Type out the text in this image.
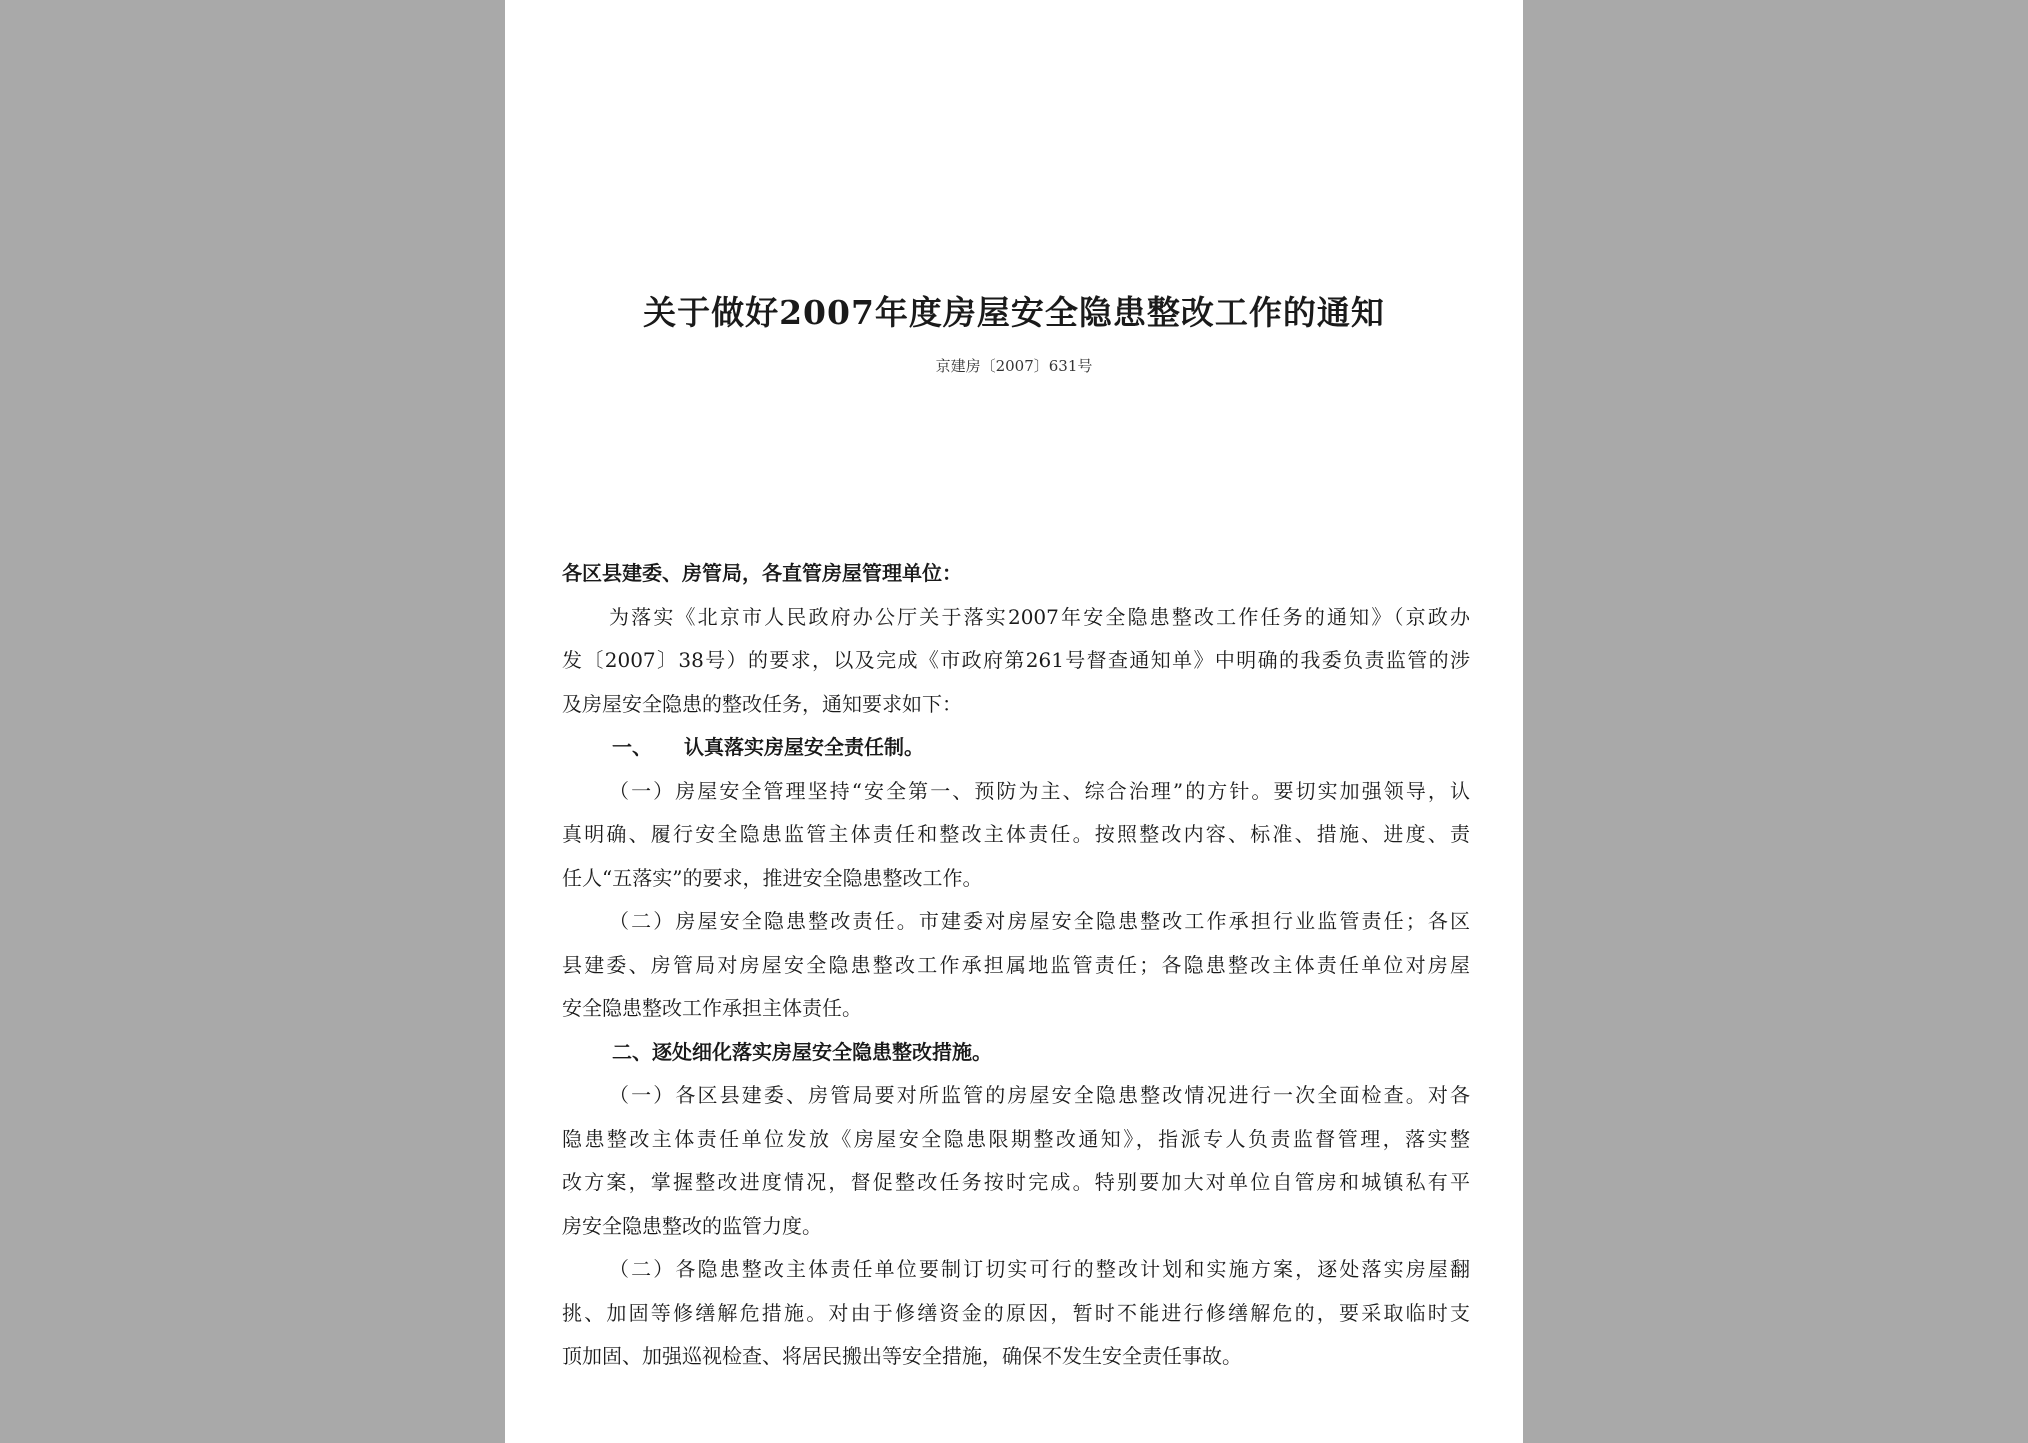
关于做好2007年度房屋安全隐患整改工作的通知
京建房〔2007〕631号
各区县建委、房管局，各直管房屋管理单位：
为落实《北京市人民政府办公厅关于落实2007年安全隐患整改工作任务的通知》（京政办
发〔2007〕38号）的要求，以及完成《市政府第261号督查通知单》中明确的我委负责监管的涉
及房屋安全隐患的整改任务，通知要求如下：
一、 认真落实房屋安全责任制。
（一）房屋安全管理坚持“安全第一、预防为主、综合治理”的方针。要切实加强领导，认
真明确、履行安全隐患监管主体责任和整改主体责任。按照整改内容、标准、措施、进度、责
任人“五落实”的要求，推进安全隐患整改工作。
（二）房屋安全隐患整改责任。市建委对房屋安全隐患整改工作承担行业监管责任；各区
县建委、房管局对房屋安全隐患整改工作承担属地监管责任；各隐患整改主体责任单位对房屋
安全隐患整改工作承担主体责任。
二、逐处细化落实房屋安全隐患整改措施。
（一）各区县建委、房管局要对所监管的房屋安全隐患整改情况进行一次全面检查。对各
隐患整改主体责任单位发放《房屋安全隐患限期整改通知》，指派专人负责监督管理，落实整
改方案，掌握整改进度情况，督促整改任务按时完成。特别要加大对单位自管房和城镇私有平
房安全隐患整改的监管力度。
（二）各隐患整改主体责任单位要制订切实可行的整改计划和实施方案，逐处落实房屋翻
挑、加固等修缮解危措施。对由于修缮资金的原因，暂时不能进行修缮解危的，要采取临时支
顶加固、加强巡视检查、将居民搬出等安全措施，确保不发生安全责任事故。
